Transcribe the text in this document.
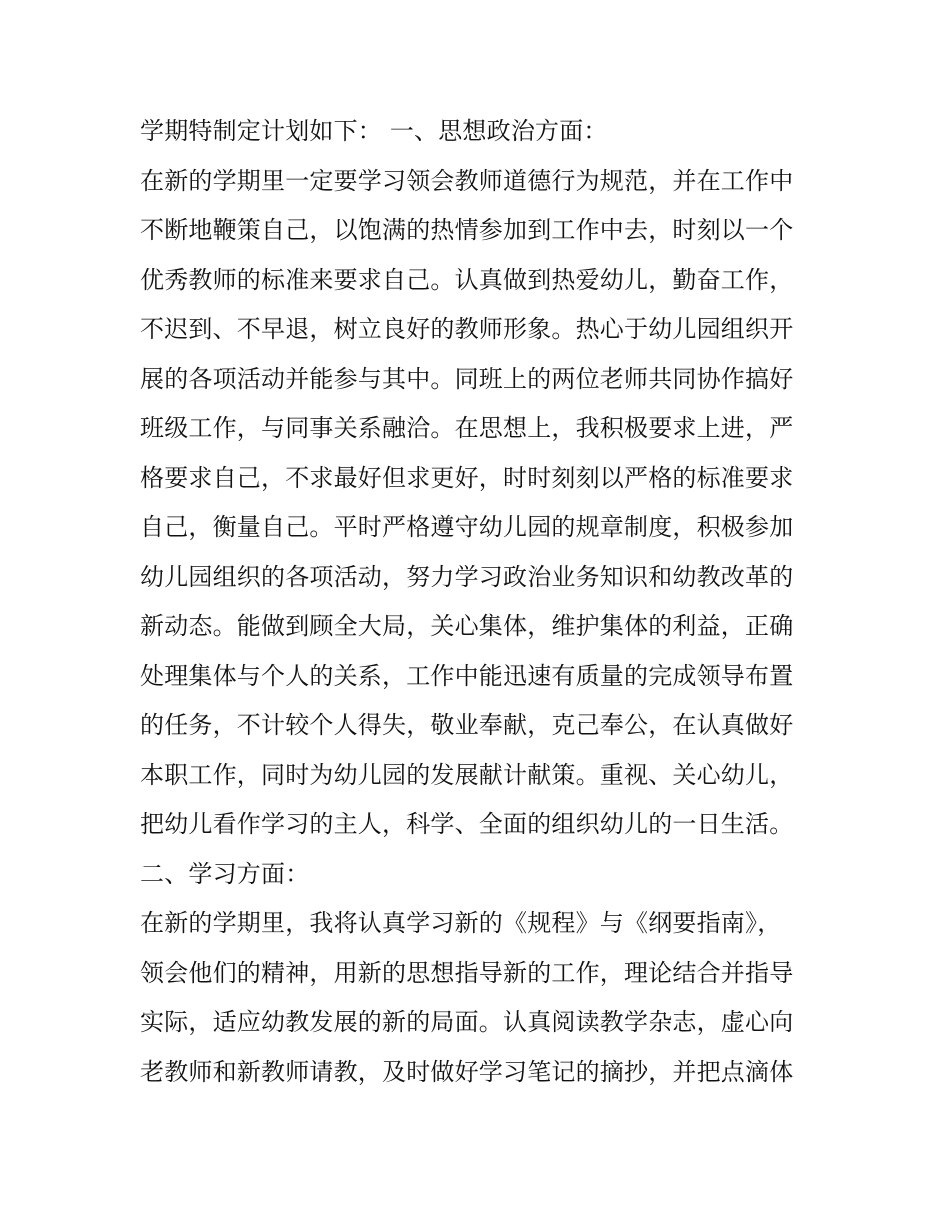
学期特制定计划如下： 一、思想政治方面：
在新的学期里一定要学习领会教师道德行为规范，并在工作中
不断地鞭策自己，以饱满的热情参加到工作中去，时刻以一个
优秀教师的标准来要求自己。认真做到热爱幼儿，勤奋工作，
不迟到、不早退，树立良好的教师形象。热心于幼儿园组织开
展的各项活动并能参与其中。同班上的两位老师共同协作搞好
班级工作，与同事关系融洽。在思想上，我积极要求上进，严
格要求自己，不求最好但求更好，时时刻刻以严格的标准要求
自己，衡量自己。平时严格遵守幼儿园的规章制度，积极参加
幼儿园组织的各项活动，努力学习政治业务知识和幼教改革的
新动态。能做到顾全大局，关心集体，维护集体的利益，正确
处理集体与个人的关系，工作中能迅速有质量的完成领导布置
的任务，不计较个人得失，敬业奉献，克己奉公，在认真做好
本职工作，同时为幼儿园的发展献计献策。重视、关心幼儿，
把幼儿看作学习的主人，科学、全面的组织幼儿的一日生活。
二、学习方面：
在新的学期里，我将认真学习新的《规程》与《纲要指南》，
领会他们的精神，用新的思想指导新的工作，理论结合并指导
实际，适应幼教发展的新的局面。认真阅读教学杂志，虚心向
老教师和新教师请教，及时做好学习笔记的摘抄，并把点滴体
